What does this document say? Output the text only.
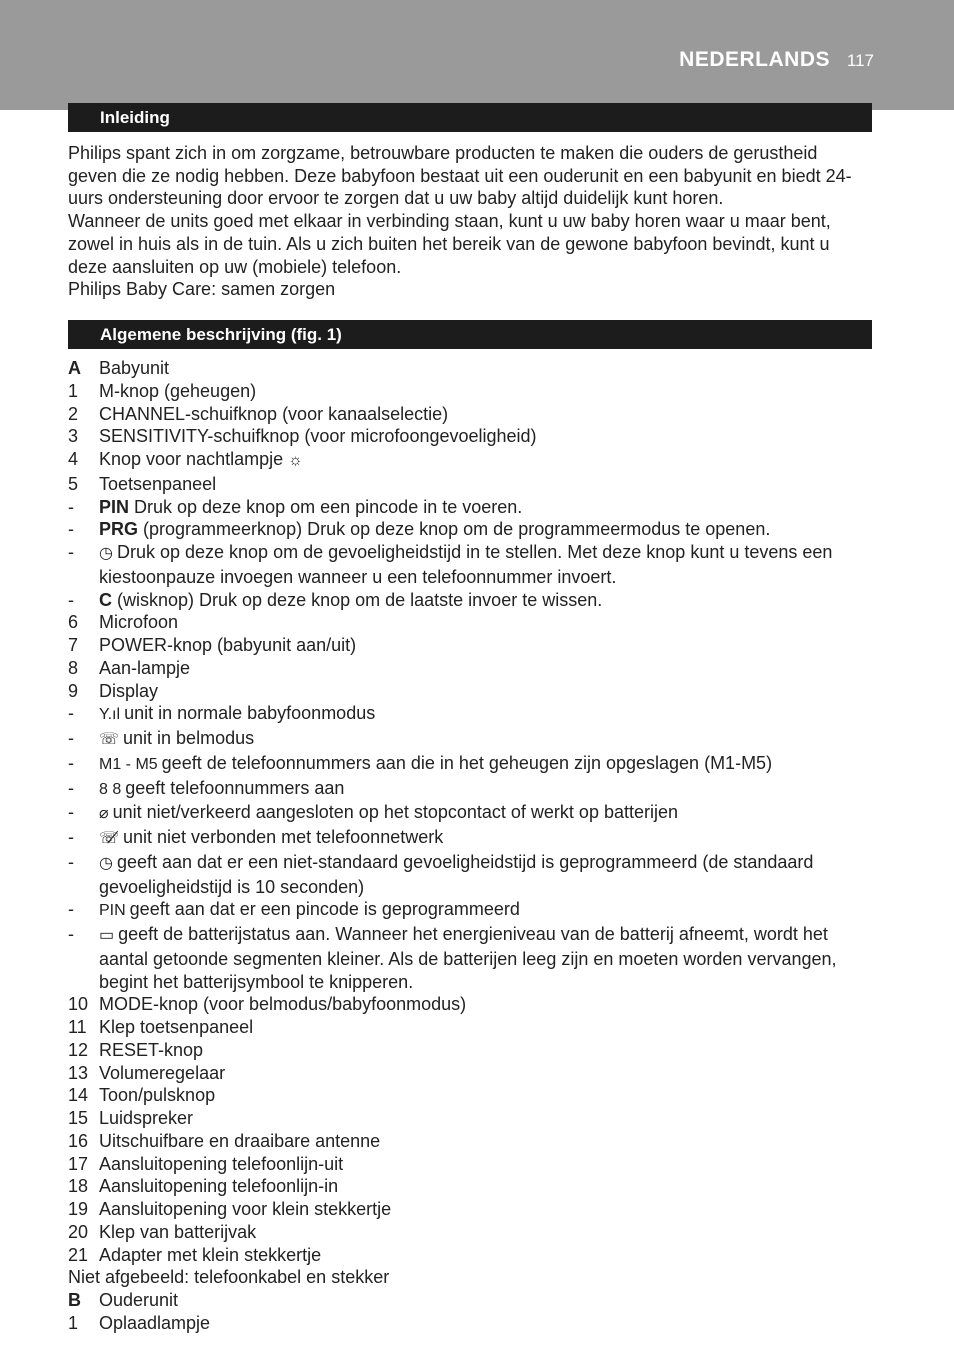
NEDERLANDS 117
Inleiding

Philips spant zich in om zorgzame, betrouwbare producten te maken die ouders de gerustheid geven die ze nodig hebben. Deze babyfoon bestaat uit een ouderunit en een babyunit en biedt 24-uurs ondersteuning door ervoor te zorgen dat u uw baby altijd duidelijk kunt horen.

Wanneer de units goed met elkaar in verbinding staan, kunt u uw baby horen waar u maar bent, zowel in huis als in de tuin. Als u zich buiten het bereik van de gewone babyfoon bevindt, kunt u deze aansluiten op uw (mobiele) telefoon.

Philips Baby Care: samen zorgen

Algemene beschrijving (fig. 1)
A	Babyunit
1	M-knop (geheugen)
2	CHANNEL-schuifknop (voor kanaalselectie)
3	SENSITIVITY-schuifknop (voor microfoongevoeligheid)
4	Knop voor nachtlampje ☼
5	Toetsenpaneel
-	PIN Druk op deze knop om een pincode in te voeren.
-	PRG (programmeerknop) Druk op deze knop om de programmeermodus te openen.
-	◷ Druk op deze knop om de gevoeligheidstijd in te stellen. Met deze knop kunt u tevens een kiestoonpauze invoegen wanneer u een telefoonnummer invoert.
-	C (wisknop) Druk op deze knop om de laatste invoer te wissen.
6	Microfoon
7	POWER-knop (babyunit aan/uit)
8	Aan-lampje
9	Display
-	Y.ıl unit in normale babyfoonmodus
-	☏ unit in belmodus
-	M1 - M5 geeft de telefoonnummers aan die in het geheugen zijn opgeslagen (M1-M5)
-	8 8 geeft telefoonnummers aan
-	⌀ unit niet/verkeerd aangesloten op het stopcontact of werkt op batterijen
-	☏̸ unit niet verbonden met telefoonnetwerk
-	◷ geeft aan dat er een niet-standaard gevoeligheidstijd is geprogrammeerd (de standaard gevoeligheidstijd is 10 seconden)
-	PIN geeft aan dat er een pincode is geprogrammeerd
-	▭ geeft de batterijstatus aan. Wanneer het energieniveau van de batterij afneemt, wordt het aantal getoonde segmenten kleiner. Als de batterijen leeg zijn en moeten worden vervangen, begint het batterijsymbool te knipperen.
10 MODE-knop (voor belmodus/babyfoonmodus)
11 Klep toetsenpaneel
12 RESET-knop
13 Volumeregelaar
14 Toon/pulsknop
15 Luidspreker
16 Uitschuifbare en draaibare antenne
17 Aansluitopening telefoonlijn-uit
18 Aansluitopening telefoonlijn-in
19 Aansluitopening voor klein stekkertje
20 Klep van batterijvak
21 Adapter met klein stekkertje
Niet afgebeeld: telefoonkabel en stekker
B	Ouderunit
1	Oplaadlampje
